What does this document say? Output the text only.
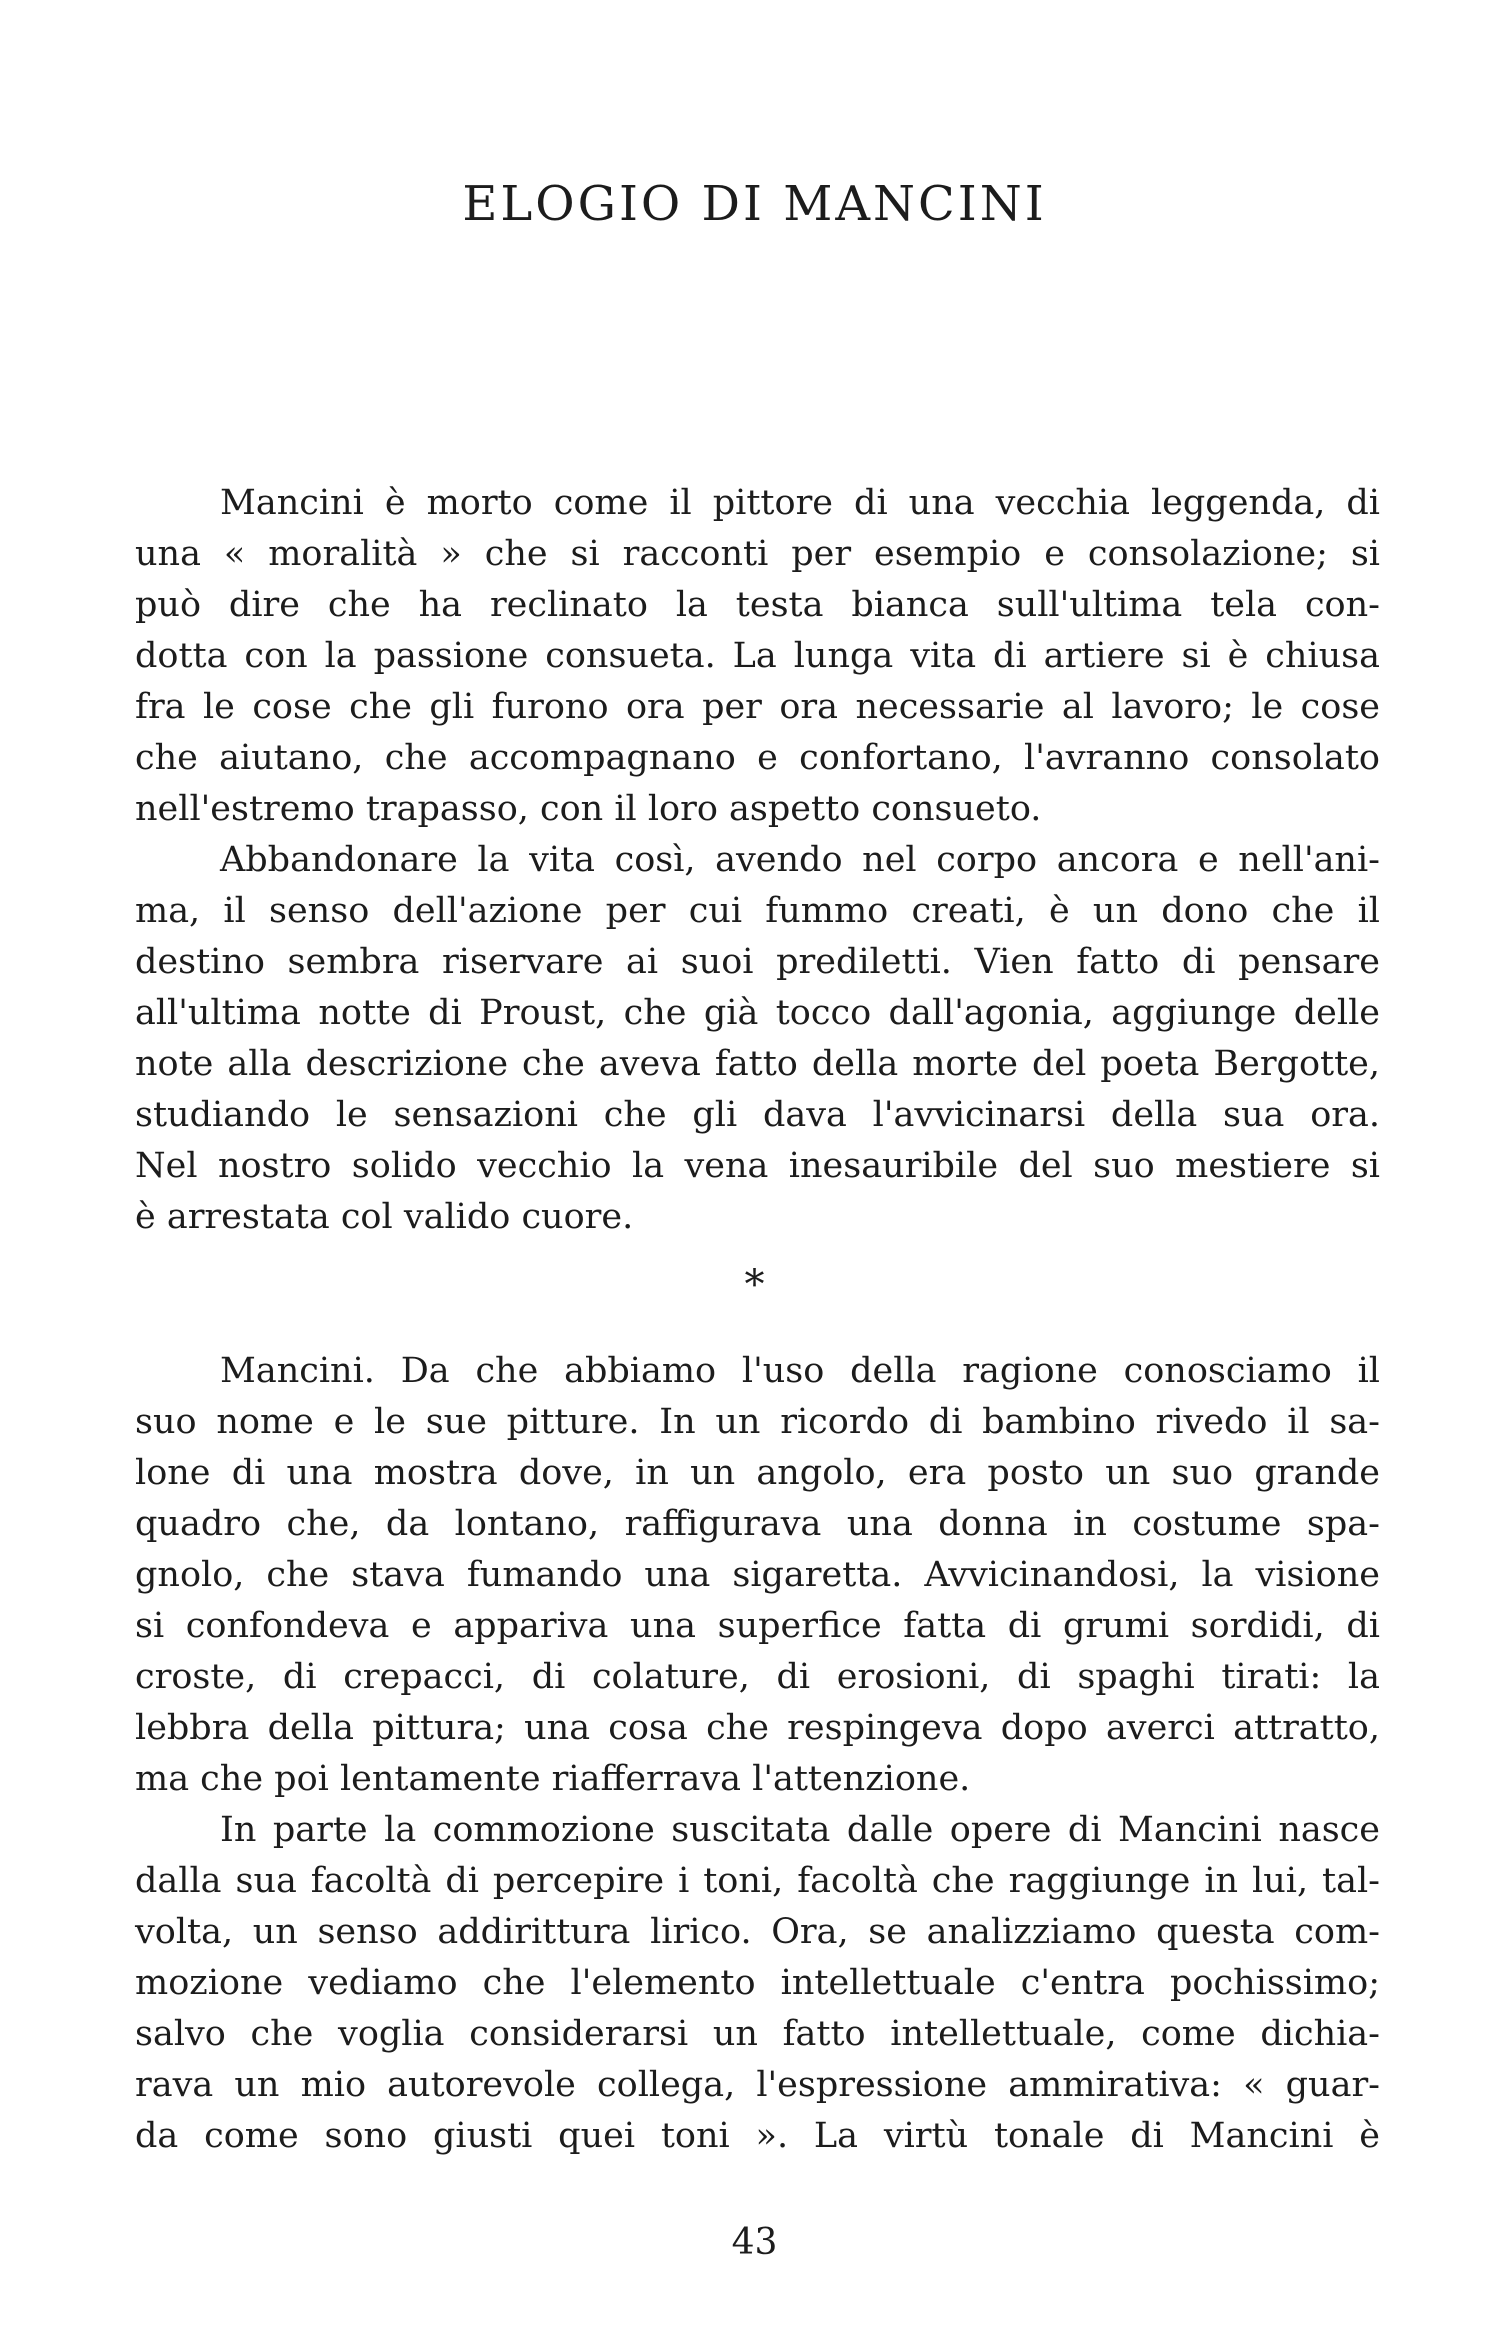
ELOGIO DI MANCINI
Mancini è morto come il pittore di una vecchia leggenda, di
una « moralità » che si racconti per esempio e consolazione; si
può dire che ha reclinato la testa bianca sull'ultima tela con-
dotta con la passione consueta. La lunga vita di artiere si è chiusa
fra le cose che gli furono ora per ora necessarie al lavoro; le cose
che aiutano, che accompagnano e confortano, l'avranno consolato
nell'estremo trapasso, con il loro aspetto consueto.
Abbandonare la vita così, avendo nel corpo ancora e nell'ani-
ma, il senso dell'azione per cui fummo creati, è un dono che il
destino sembra riservare ai suoi prediletti. Vien fatto di pensare
all'ultima notte di Proust, che già tocco dall'agonia, aggiunge delle
note alla descrizione che aveva fatto della morte del poeta Bergotte,
studiando le sensazioni che gli dava l'avvicinarsi della sua ora.
Nel nostro solido vecchio la vena inesauribile del suo mestiere si
è arrestata col valido cuore.
*
Mancini. Da che abbiamo l'uso della ragione conosciamo il
suo nome e le sue pitture. In un ricordo di bambino rivedo il sa-
lone di una mostra dove, in un angolo, era posto un suo grande
quadro che, da lontano, raffigurava una donna in costume spa-
gnolo, che stava fumando una sigaretta. Avvicinandosi, la visione
si confondeva e appariva una superfice fatta di grumi sordidi, di
croste, di crepacci, di colature, di erosioni, di spaghi tirati: la
lebbra della pittura; una cosa che respingeva dopo averci attratto,
ma che poi lentamente riafferrava l'attenzione.
In parte la commozione suscitata dalle opere di Mancini nasce
dalla sua facoltà di percepire i toni, facoltà che raggiunge in lui, tal-
volta, un senso addirittura lirico. Ora, se analizziamo questa com-
mozione vediamo che l'elemento intellettuale c'entra pochissimo;
salvo che voglia considerarsi un fatto intellettuale, come dichia-
rava un mio autorevole collega, l'espressione ammirativa: « guar-
da come sono giusti quei toni ». La virtù tonale di Mancini è
43
